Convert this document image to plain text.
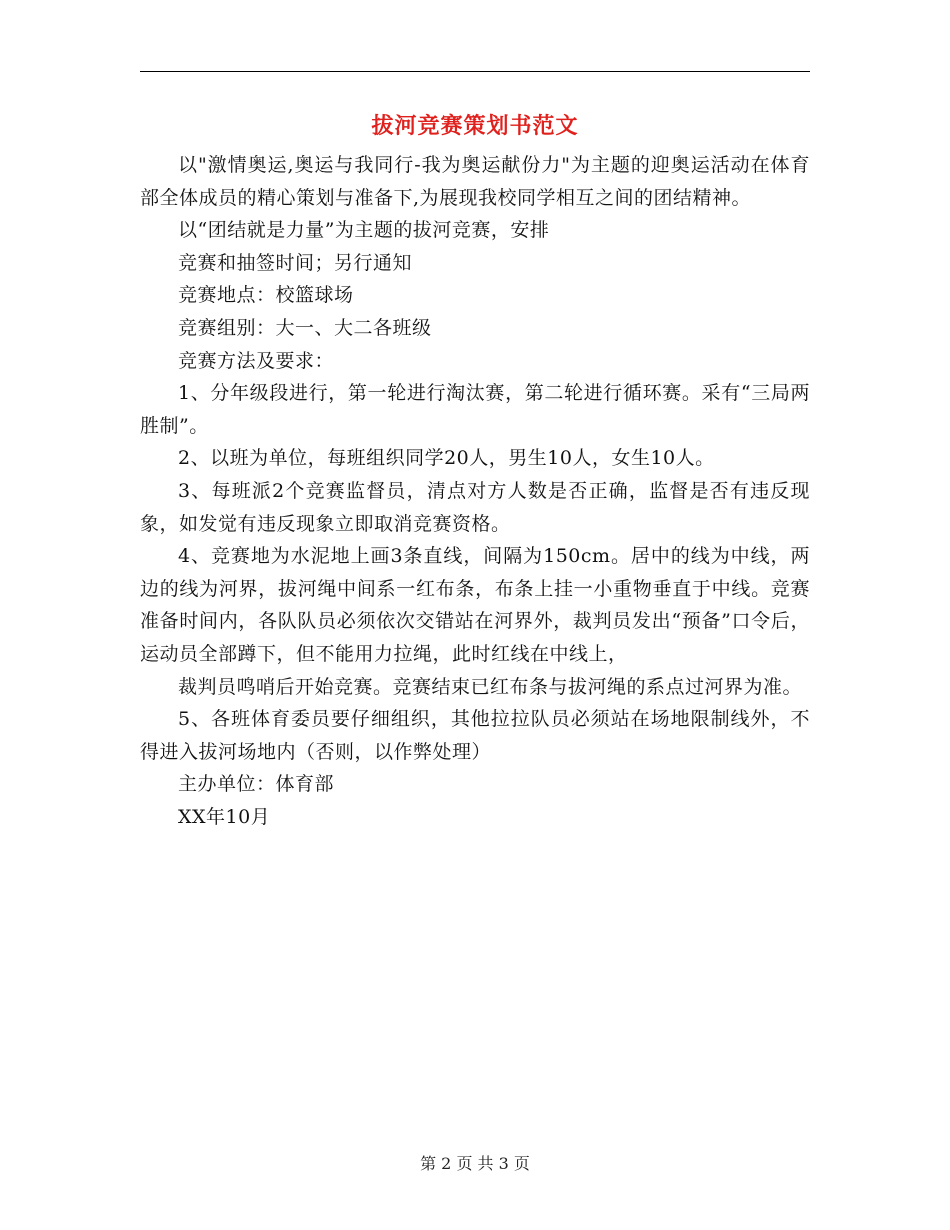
拔河竞赛策划书范文

以"激情奥运,奥运与我同行-我为奥运献份力"为主题的迎奥运活动在体育部全体成员的精心策划与准备下,为展现我校同学相互之间的团结精神。

以“团结就是力量”为主题的拔河竞赛，安排

竞赛和抽签时间；另行通知

竞赛地点：校篮球场

竞赛组别：大一、大二各班级

竞赛方法及要求：

1、分年级段进行，第一轮进行淘汰赛，第二轮进行循环赛。采有“三局两胜制”。

2、以班为单位，每班组织同学20人，男生10人，女生10人。

3、每班派2个竞赛监督员，清点对方人数是否正确，监督是否有违反现象，如发觉有违反现象立即取消竞赛资格。

4、竞赛地为水泥地上画3条直线，间隔为150cm。居中的线为中线，两边的线为河界，拔河绳中间系一红布条，布条上挂一小重物垂直于中线。竞赛准备时间内，各队队员必须依次交错站在河界外，裁判员发出“预备”口令后，运动员全部蹲下，但不能用力拉绳，此时红线在中线上，

裁判员鸣哨后开始竞赛。竞赛结束已红布条与拔河绳的系点过河界为准。

5、各班体育委员要仔细组织，其他拉拉队员必须站在场地限制线外，不得进入拔河场地内（否则，以作弊处理）

主办单位：体育部

XX年10月

第 2 页 共 3 页
